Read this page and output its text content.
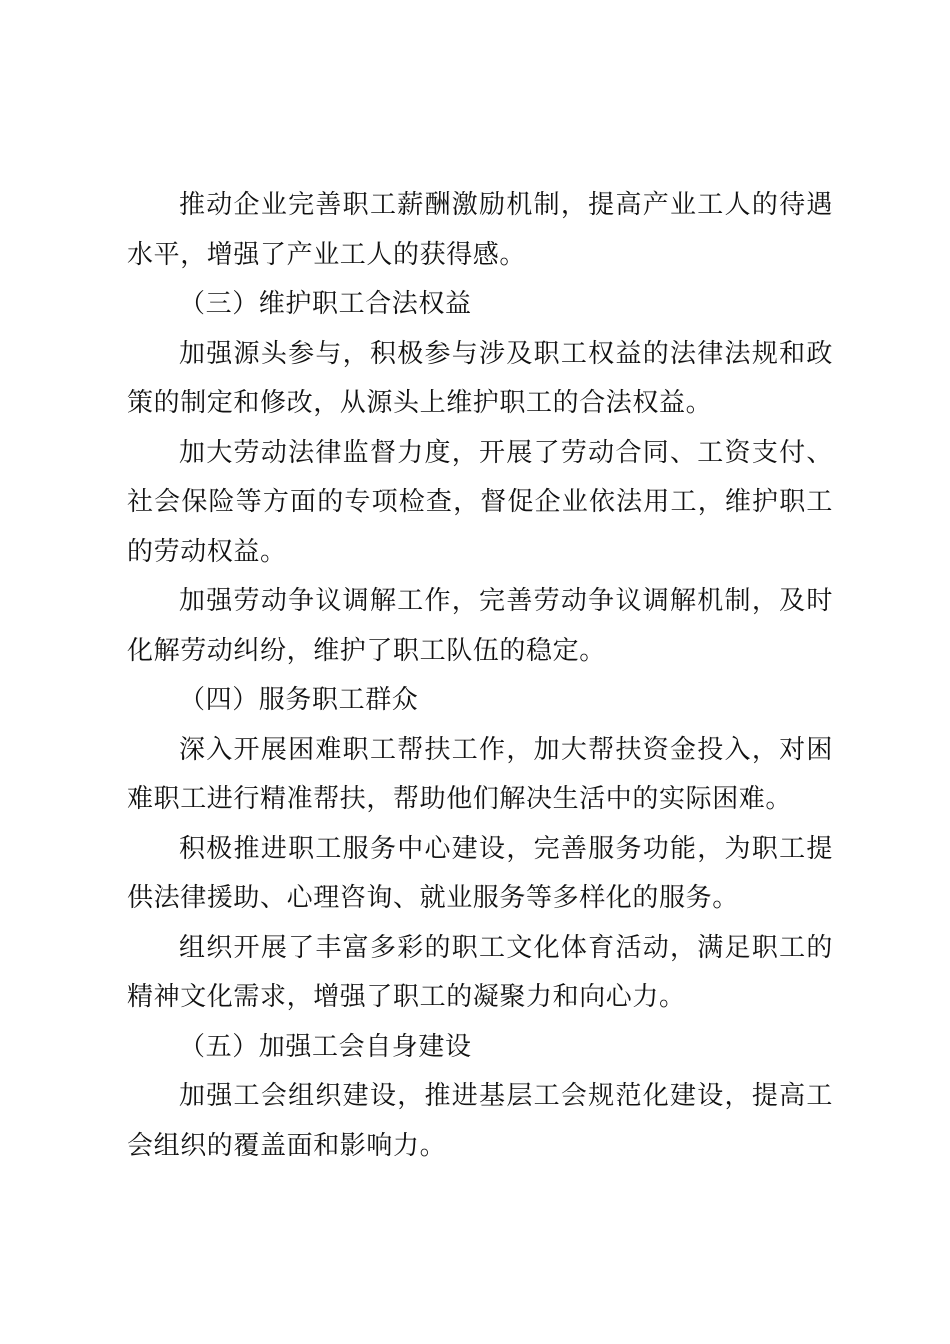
推动企业完善职工薪酬激励机制，提高产业工人的待遇水平，增强了产业工人的获得感。

（三）维护职工合法权益

加强源头参与，积极参与涉及职工权益的法律法规和政策的制定和修改，从源头上维护职工的合法权益。

加大劳动法律监督力度，开展了劳动合同、工资支付、社会保险等方面的专项检查，督促企业依法用工，维护职工的劳动权益。

加强劳动争议调解工作，完善劳动争议调解机制，及时化解劳动纠纷，维护了职工队伍的稳定。

（四）服务职工群众

深入开展困难职工帮扶工作，加大帮扶资金投入，对困难职工进行精准帮扶，帮助他们解决生活中的实际困难。

积极推进职工服务中心建设，完善服务功能，为职工提供法律援助、心理咨询、就业服务等多样化的服务。

组织开展了丰富多彩的职工文化体育活动，满足职工的精神文化需求，增强了职工的凝聚力和向心力。

（五）加强工会自身建设

加强工会组织建设，推进基层工会规范化建设，提高工会组织的覆盖面和影响力。
